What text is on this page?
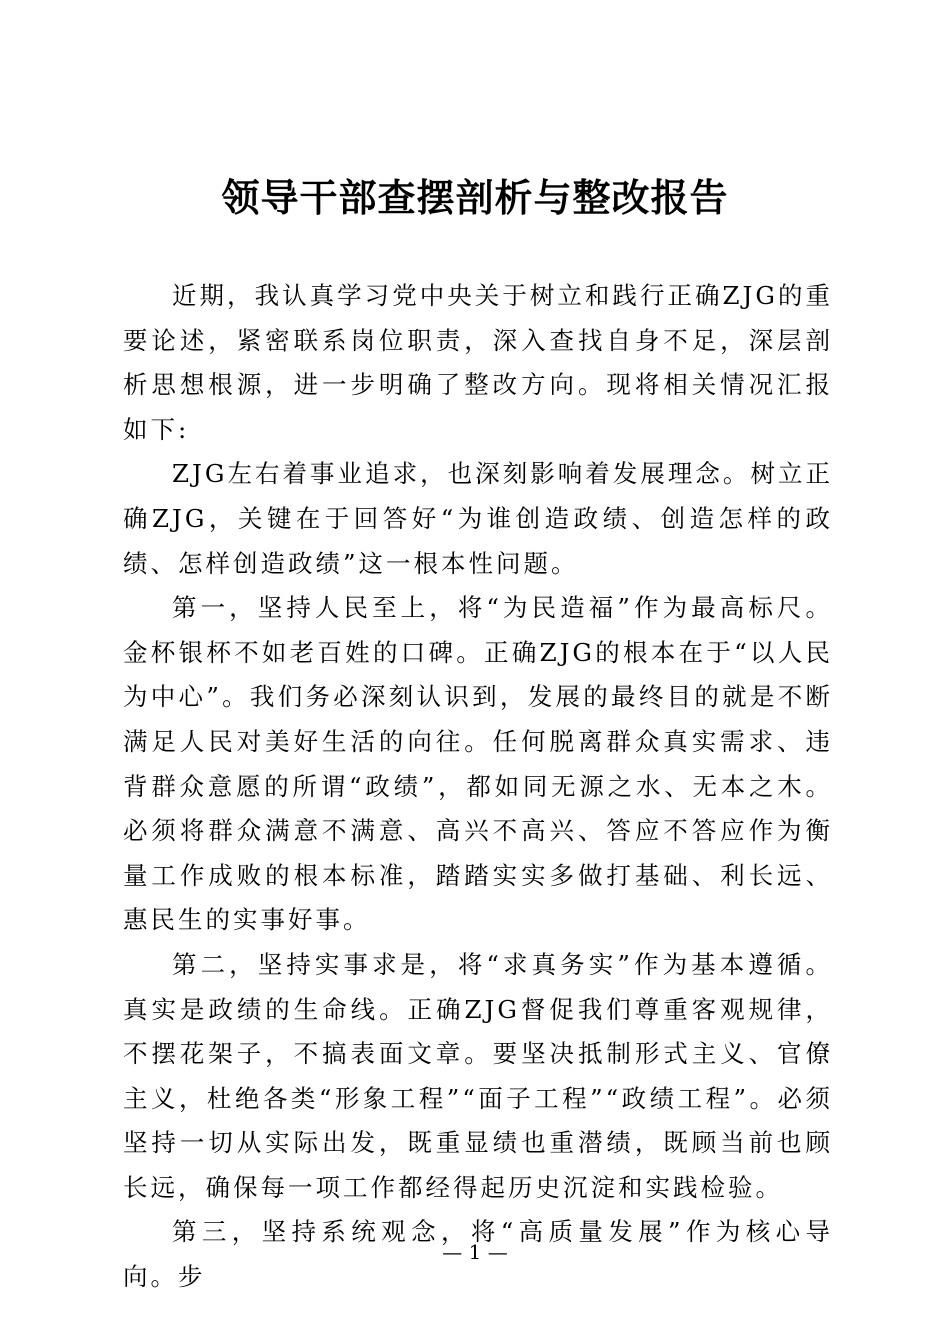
领导干部查摆剖析与整改报告

近期，我认真学习党中央关于树立和践行正确ZJG的重要论述，紧密联系岗位职责，深入查找自身不足，深层剖析思想根源，进一步明确了整改方向。现将相关情况汇报如下:

ZJG左右着事业追求，也深刻影响着发展理念。树立正确ZJG，关键在于回答好“为谁创造政绩、创造怎样的政绩、怎样创造政绩”这一根本性问题。

第一，坚持人民至上，将“为民造福”作为最高标尺。金杯银杯不如老百姓的口碑。正确ZJG的根本在于“以人民为中心”。我们务必深刻认识到，发展的最终目的就是不断满足人民对美好生活的向往。任何脱离群众真实需求、违背群众意愿的所谓“政绩”，都如同无源之水、无本之木。必须将群众满意不满意、高兴不高兴、答应不答应作为衡量工作成败的根本标准，踏踏实实多做打基础、利长远、惠民生的实事好事。

第二，坚持实事求是，将“求真务实”作为基本遵循。真实是政绩的生命线。正确ZJG督促我们尊重客观规律，不摆花架子，不搞表面文章。要坚决抵制形式主义、官僚主义，杜绝各类“形象工程”“面子工程”“政绩工程”。必须坚持一切从实际出发，既重显绩也重潜绩，既顾当前也顾长远，确保每一项工作都经得起历史沉淀和实践检验。

第三，坚持系统观念，将“高质量发展”作为核心导向。步

— 1 —
